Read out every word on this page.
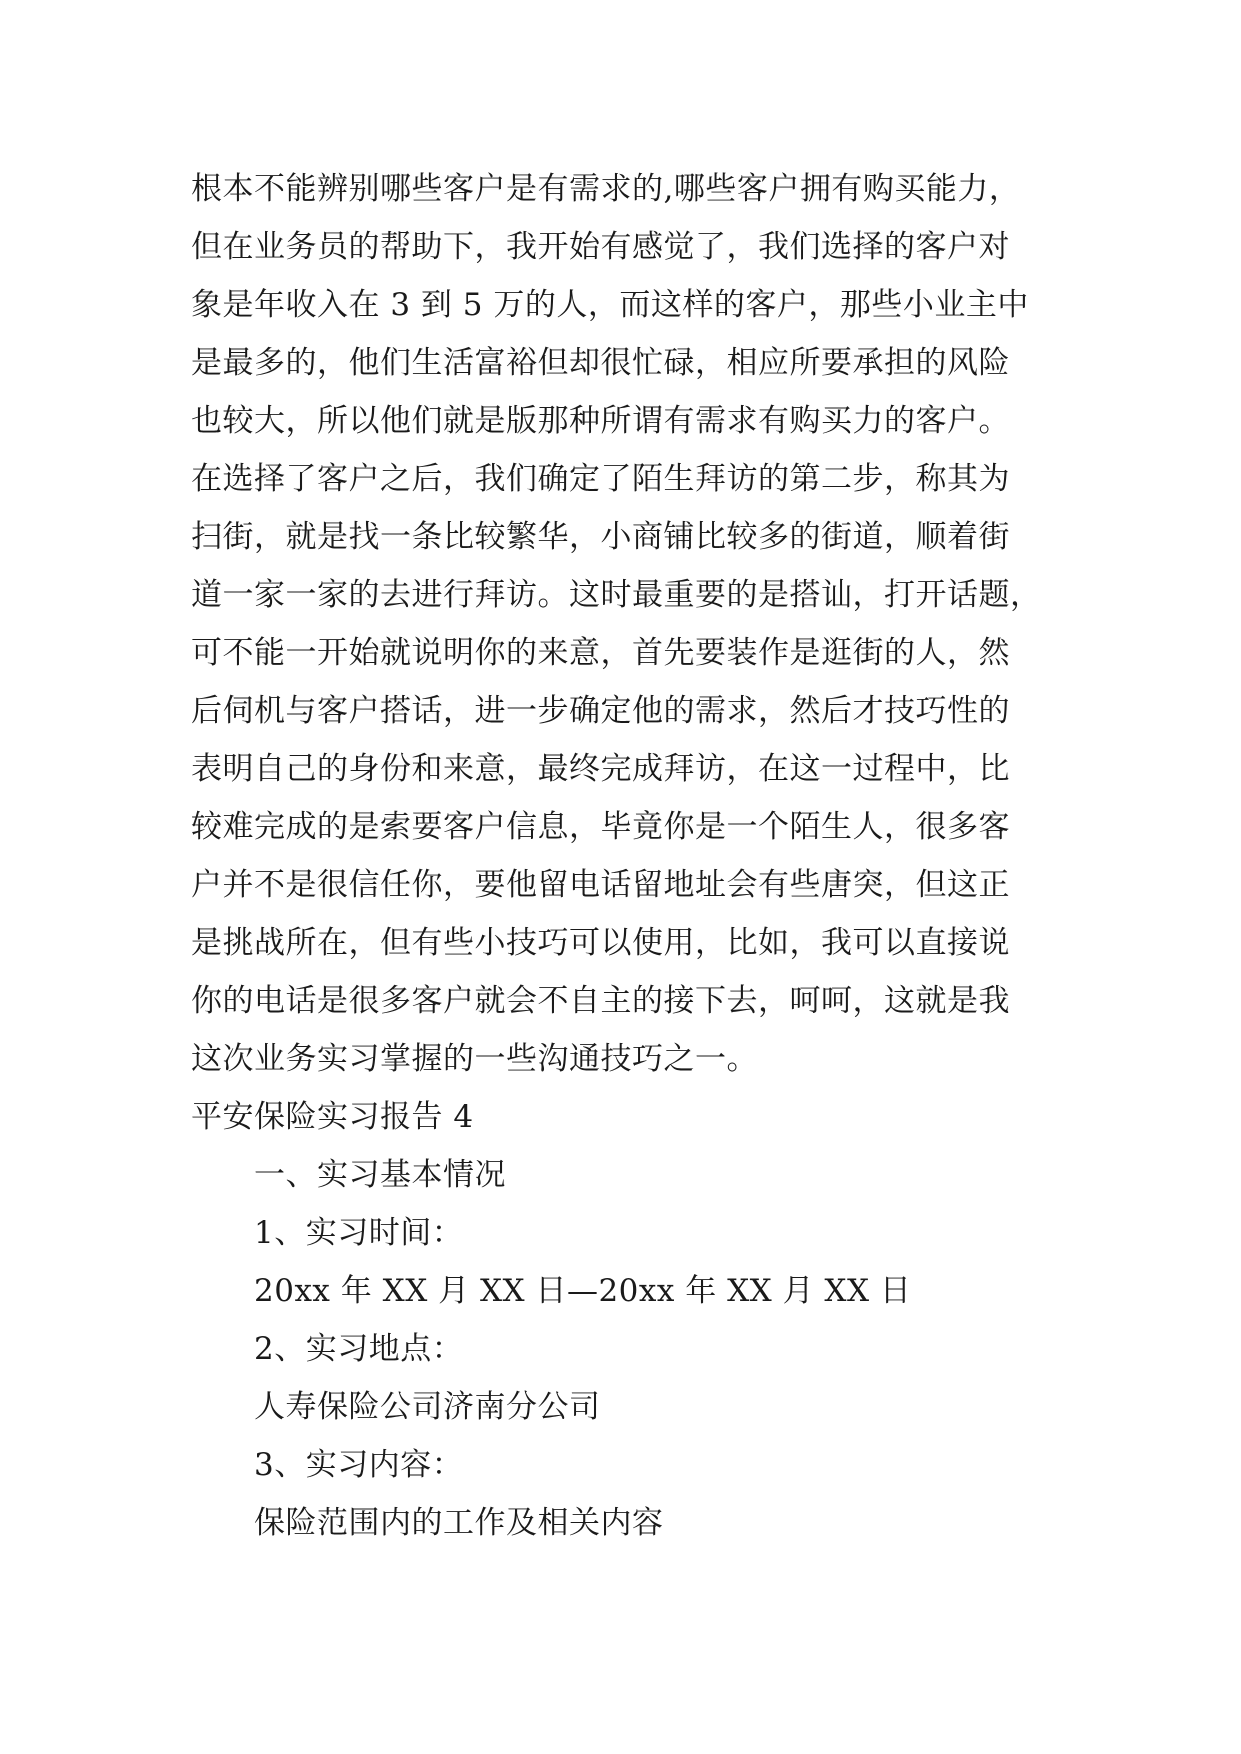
根本不能辨别哪些客户是有需求的,哪些客户拥有购买能力，
但在业务员的帮助下，我开始有感觉了，我们选择的客户对
象是年收入在 3 到 5 万的人，而这样的客户，那些小业主中
是最多的，他们生活富裕但却很忙碌，相应所要承担的风险
也较大，所以他们就是版那种所谓有需求有购买力的客户。
在选择了客户之后，我们确定了陌生拜访的第二步，称其为
扫街，就是找一条比较繁华，小商铺比较多的街道，顺着街
道一家一家的去进行拜访。这时最重要的是搭讪，打开话题，
可不能一开始就说明你的来意，首先要装作是逛街的人，然
后伺机与客户搭话，进一步确定他的需求，然后才技巧性的
表明自己的身份和来意，最终完成拜访，在这一过程中，比
较难完成的是索要客户信息，毕竟你是一个陌生人，很多客
户并不是很信任你，要他留电话留地址会有些唐突，但这正
是挑战所在，但有些小技巧可以使用，比如，我可以直接说
你的电话是很多客户就会不自主的接下去，呵呵，这就是我
这次业务实习掌握的一些沟通技巧之一。
平安保险实习报告 4
一、实习基本情况
1、实习时间：
20xx 年 XX 月 XX 日—20xx 年 XX 月 XX 日
2、实习地点：
人寿保险公司济南分公司
3、实习内容：
保险范围内的工作及相关内容
